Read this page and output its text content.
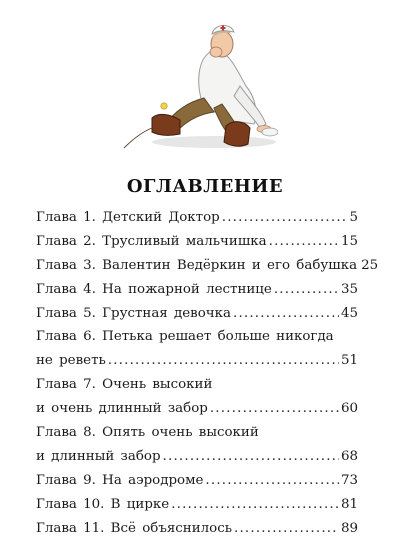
ОГЛАВЛЕНИЕ
Глава 1. Детский Доктор .....	5
Глава 2. Трусливый мальчишка .....	15
Глава 3. Валентин Ведёркин и его бабушка 25
Глава 4. На пожарной лестнице .....	35
Глава 5. Грустная девочка .....	45
Глава 6. Петька решает больше никогда
не реветь .....	51
Глава 7. Очень высокий
и очень длинный забор .....	60
Глава 8. Опять очень высокий
и длинный забор .....	68
Глава 9. На аэродроме .....	73
Глава 10. В цирке .....	81
Глава 11. Всё объяснилось .....	89
